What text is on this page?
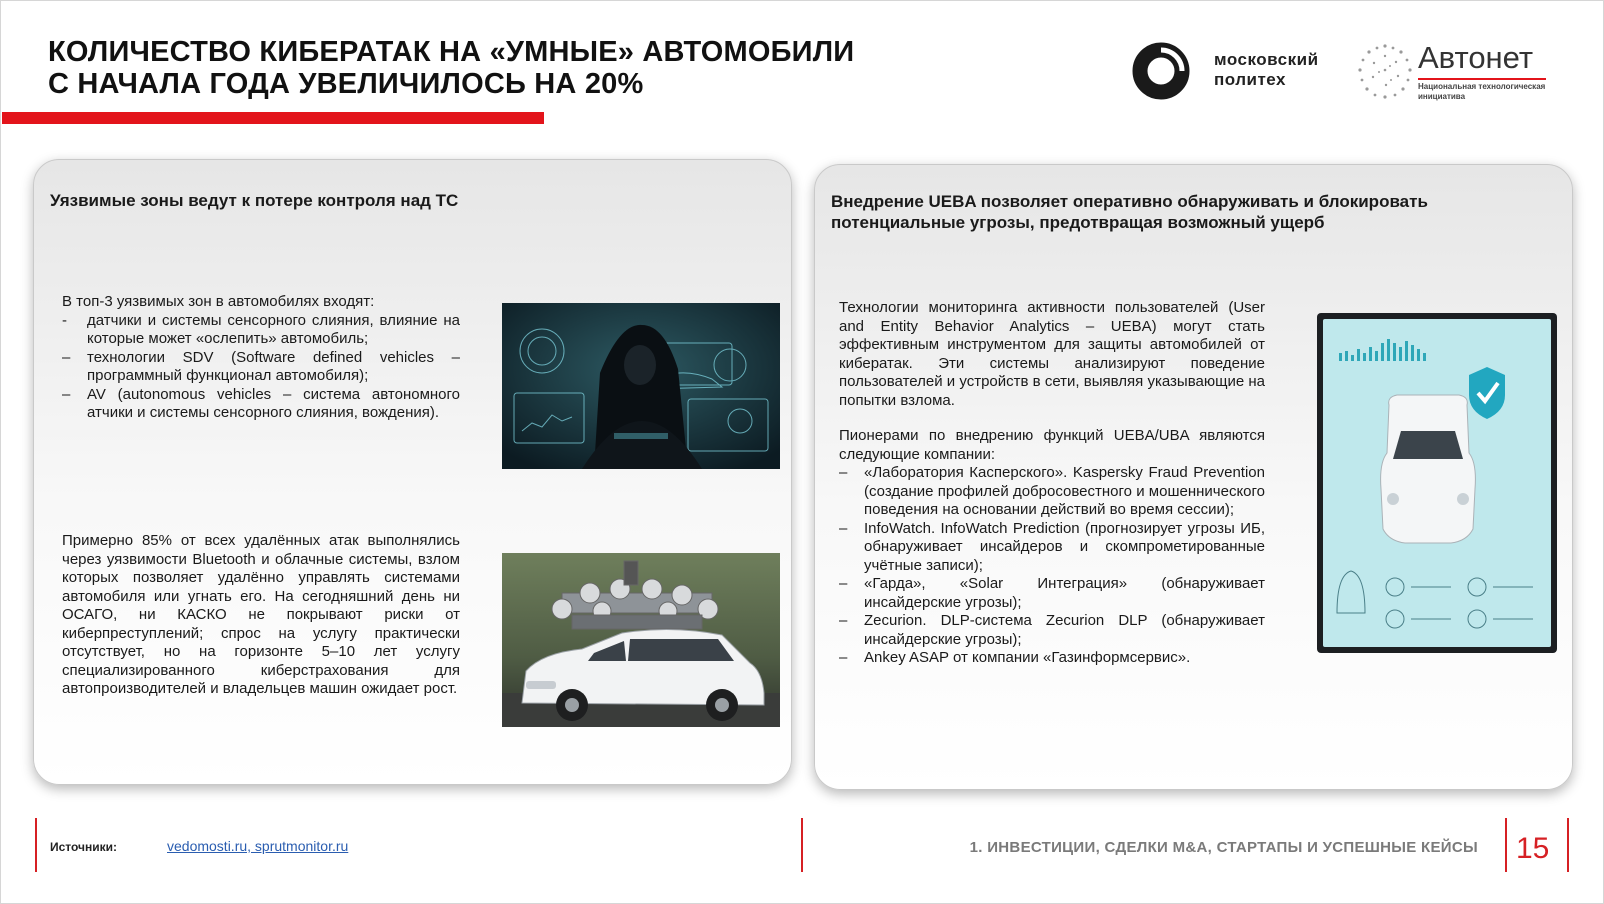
КОЛИЧЕСТВО КИБЕРАТАК НА «УМНЫЕ» АВТОМОБИЛИ
С НАЧАЛА ГОДА УВЕЛИЧИЛОСЬ НА 20%
московский
политех
Автонет
Национальная технологическая инициатива
Уязвимые зоны ведут к потере контроля над ТС

В топ-3 уязвимых зон в автомобилях входят:

- датчики и системы сенсорного слияния, влияние на которые может «ослепить» автомобиль;
– технологии SDV (Software defined vehicles – программный функционал автомобиля);
– AV (autonomous vehicles – система автономного атчики и системы сенсорного слияния, вождения).

Примерно 85% от всех удалённых атак выполнялись через уязвимости Bluetooth и облачные системы, взлом которых позволяет удалённо управлять системами автомобиля или угнать его. На сегодняшний день ни ОСАГО, ни КАСКО не покрывают риски от киберпреступлений; спрос на услугу практически отсутствует, но на горизонте 5–10 лет услугу специализированного киберстрахования для автопроизводителей и владельцев машин ожидает рост.

Внедрение UEBA позволяет оперативно обнаруживать и блокировать потенциальные угрозы, предотвращая возможный ущерб

Технологии мониторинга активности пользователей (User and Entity Behavior Analytics – UEBA) могут стать эффективным инструментом для защиты автомобилей от кибератак. Эти системы анализируют поведение пользователей и устройств в сети, выявляя указывающие на попытки взлома.

Пионерами по внедрению функций UEBA/UBA являются следующие компании:

– «Лаборатория Касперского». Kaspersky Fraud Prevention (создание профилей добросовестного и мошеннического поведения на основании действий во время сессии);
– InfoWatch. InfoWatch Prediction (прогнозирует угрозы ИБ, обнаруживает инсайдеров и скомпрометированные учётные записи);
– «Гарда», «Solar Интеграция» (обнаруживает инсайдерские угрозы);
– Zecurion. DLP-система Zecurion DLP (обнаруживает инсайдерские угрозы);
– Ankey ASAP от компании «Газинформсервис».
Источники:	vedomosti.ru, sprutmonitor.ru	1. ИНВЕСТИЦИИ, СДЕЛКИ M&A, СТАРТАПЫ И УСПЕШНЫЕ КЕЙСЫ 15
